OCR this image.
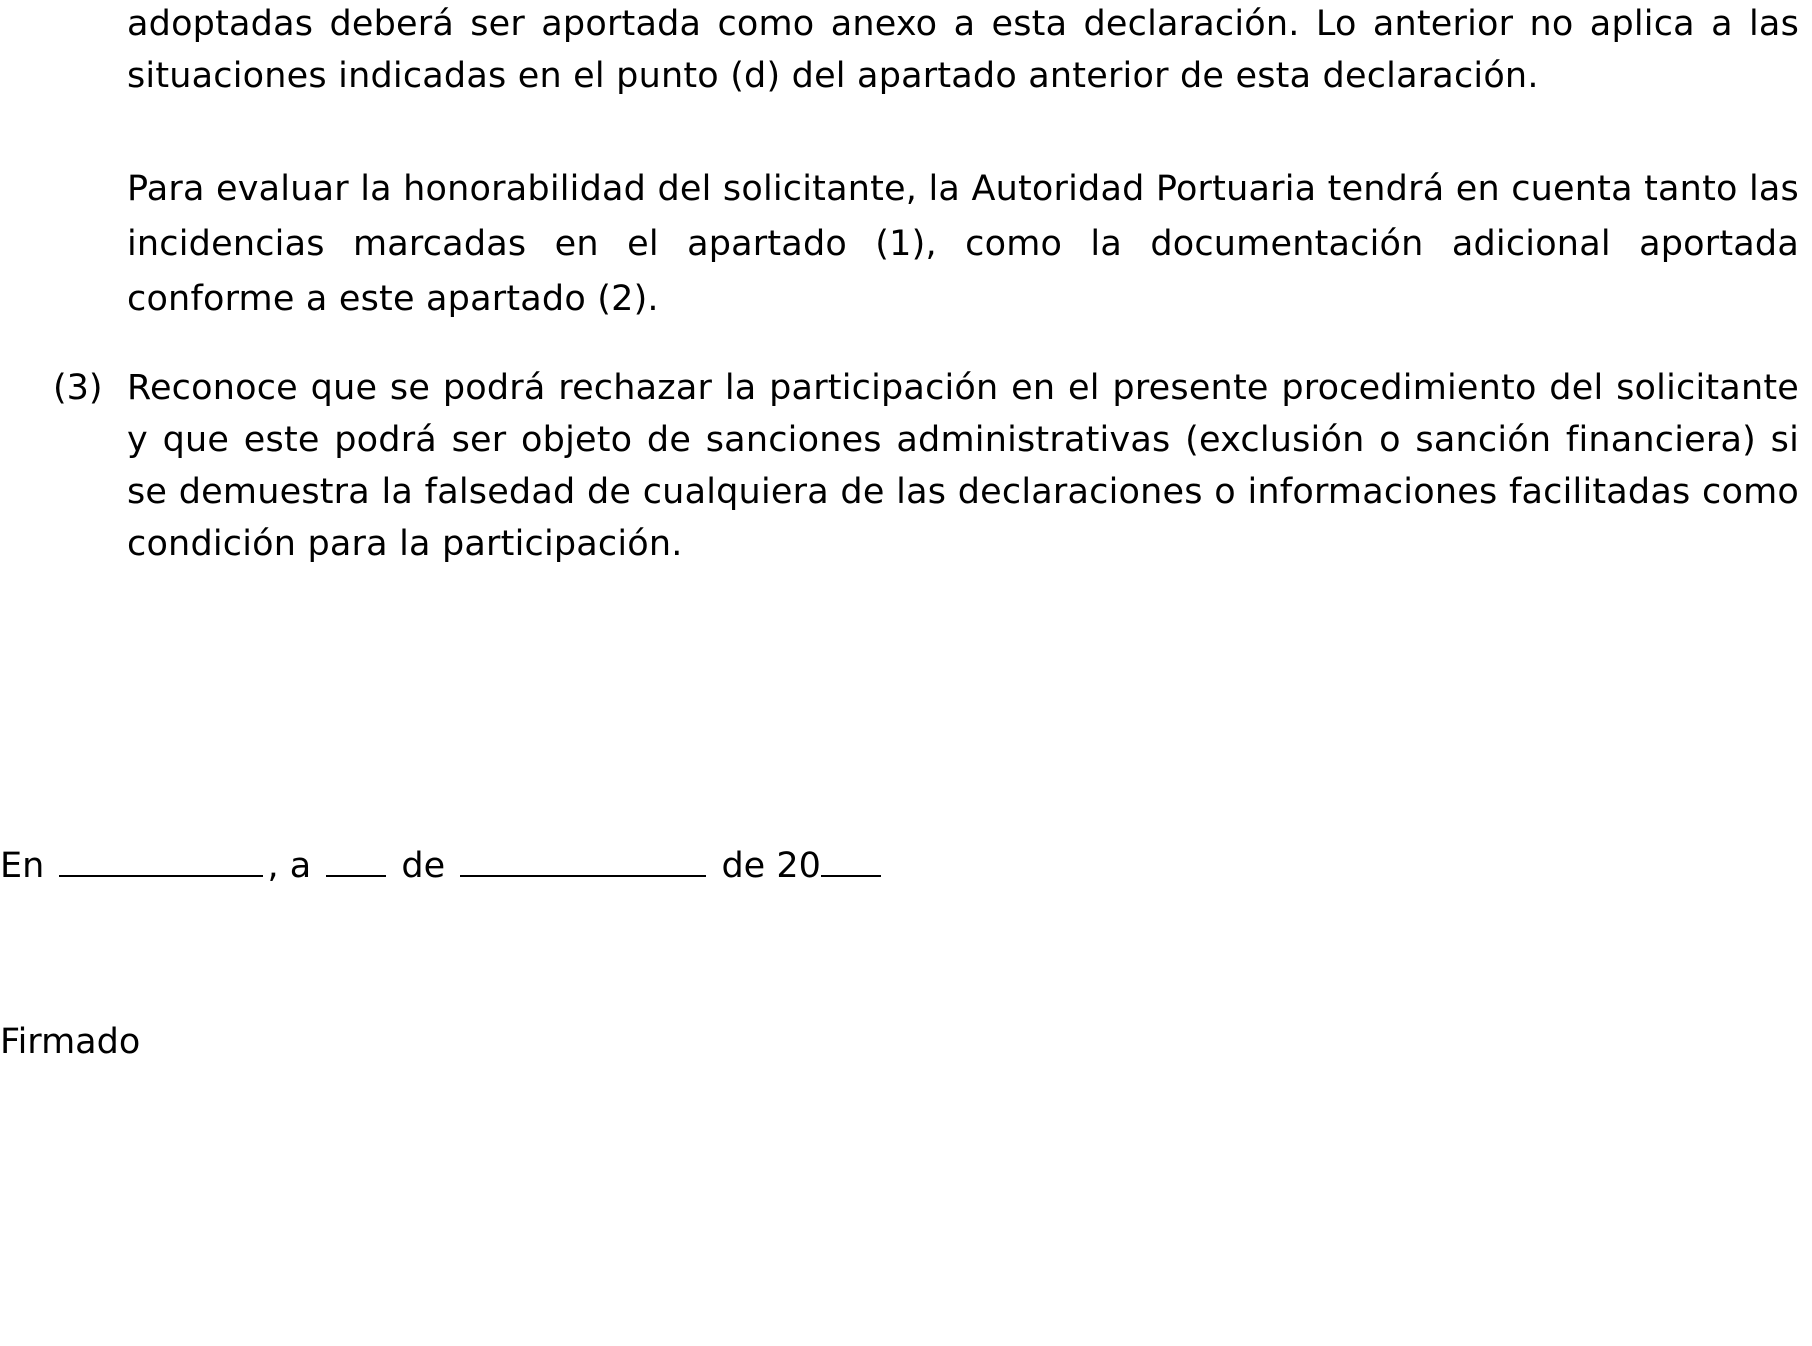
adoptadas deberá ser aportada como anexo a esta declaración. Lo anterior no aplica a las situaciones indicadas en el punto (d) del apartado anterior de esta declaración.
Para evaluar la honorabilidad del solicitante, la Autoridad Portuaria tendrá en cuenta tanto las incidencias marcadas en el apartado (1), como la documentación adicional aportada conforme a este apartado (2).
(3) Reconoce que se podrá rechazar la participación en el presente procedimiento del solicitante y que este podrá ser objeto de sanciones administrativas (exclusión o sanción financiera) si se demuestra la falsedad de cualquiera de las declaraciones o informaciones facilitadas como condición para la participación.
En	, a	de	de 20
Firmado
